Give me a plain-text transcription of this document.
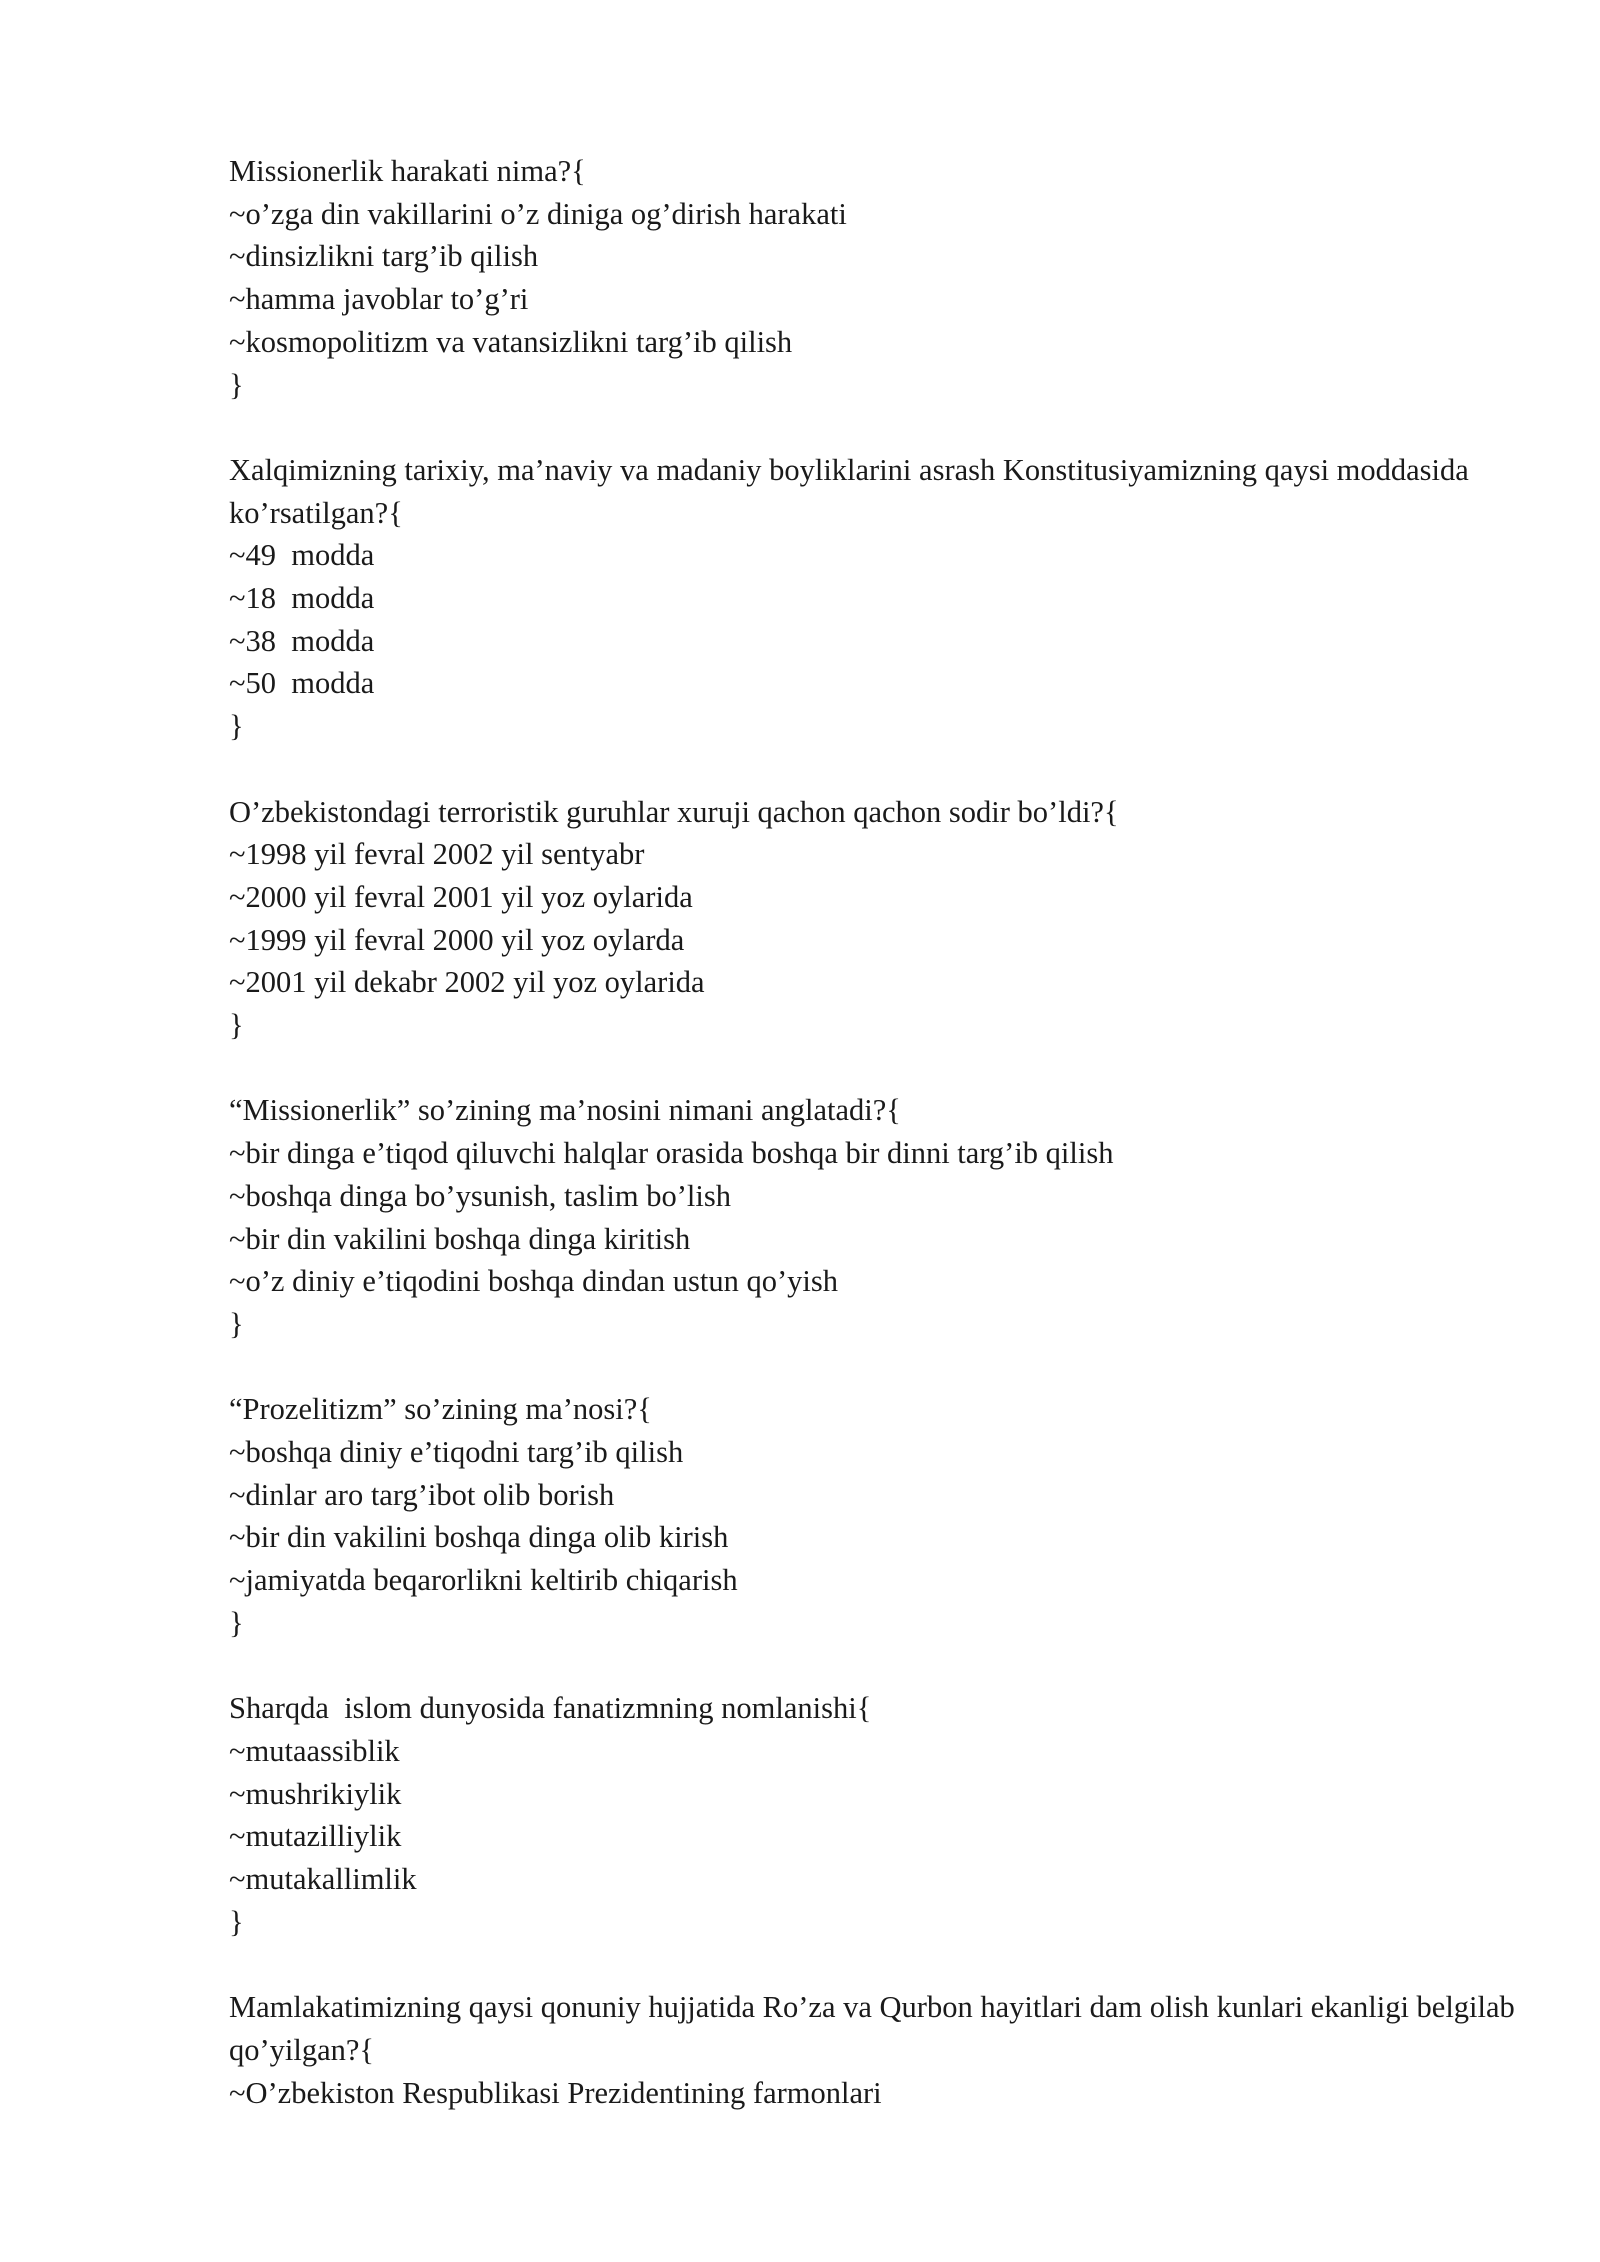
Missionerlik harakati nima?{
~o’zga din vakillarini o’z diniga og’dirish harakati
~dinsizlikni targ’ib qilish
~hamma javoblar to’g’ri
~kosmopolitizm va vatansizlikni targ’ib qilish
}
Xalqimizning tarixiy, ma’naviy va madaniy boyliklarini asrash Konstitusiyamizning qaysi moddasida ko’rsatilgan?{
~49  modda
~18  modda
~38  modda
~50  modda
}
O’zbekistondagi terroristik guruhlar xuruji qachon qachon sodir bo’ldi?{
~1998 yil fevral 2002 yil sentyabr
~2000 yil fevral 2001 yil yoz oylarida
~1999 yil fevral 2000 yil yoz oylarda
~2001 yil dekabr 2002 yil yoz oylarida
}
“Missionerlik” so’zining ma’nosini nimani anglatadi?{
~bir dinga e’tiqod qiluvchi halqlar orasida boshqa bir dinni targ’ib qilish
~boshqa dinga bo’ysunish, taslim bo’lish
~bir din vakilini boshqa dinga kiritish
~o’z diniy e’tiqodini boshqa dindan ustun qo’yish
}
“Prozelitizm” so’zining ma’nosi?{
~boshqa diniy e’tiqodni targ’ib qilish
~dinlar aro targ’ibot olib borish
~bir din vakilini boshqa dinga olib kirish
~jamiyatda beqarorlikni keltirib chiqarish
}
Sharqda  islom dunyosida fanatizmning nomlanishi{
~mutaassiblik
~mushrikiylik
~mutazilliylik
~mutakallimlik
}
Mamlakatimizning qaysi qonuniy hujjatida Ro’za va Qurbon hayitlari dam olish kunlari ekanligi belgilab qo’yilgan?{
~O’zbekiston Respublikasi Prezidentining farmonlari
